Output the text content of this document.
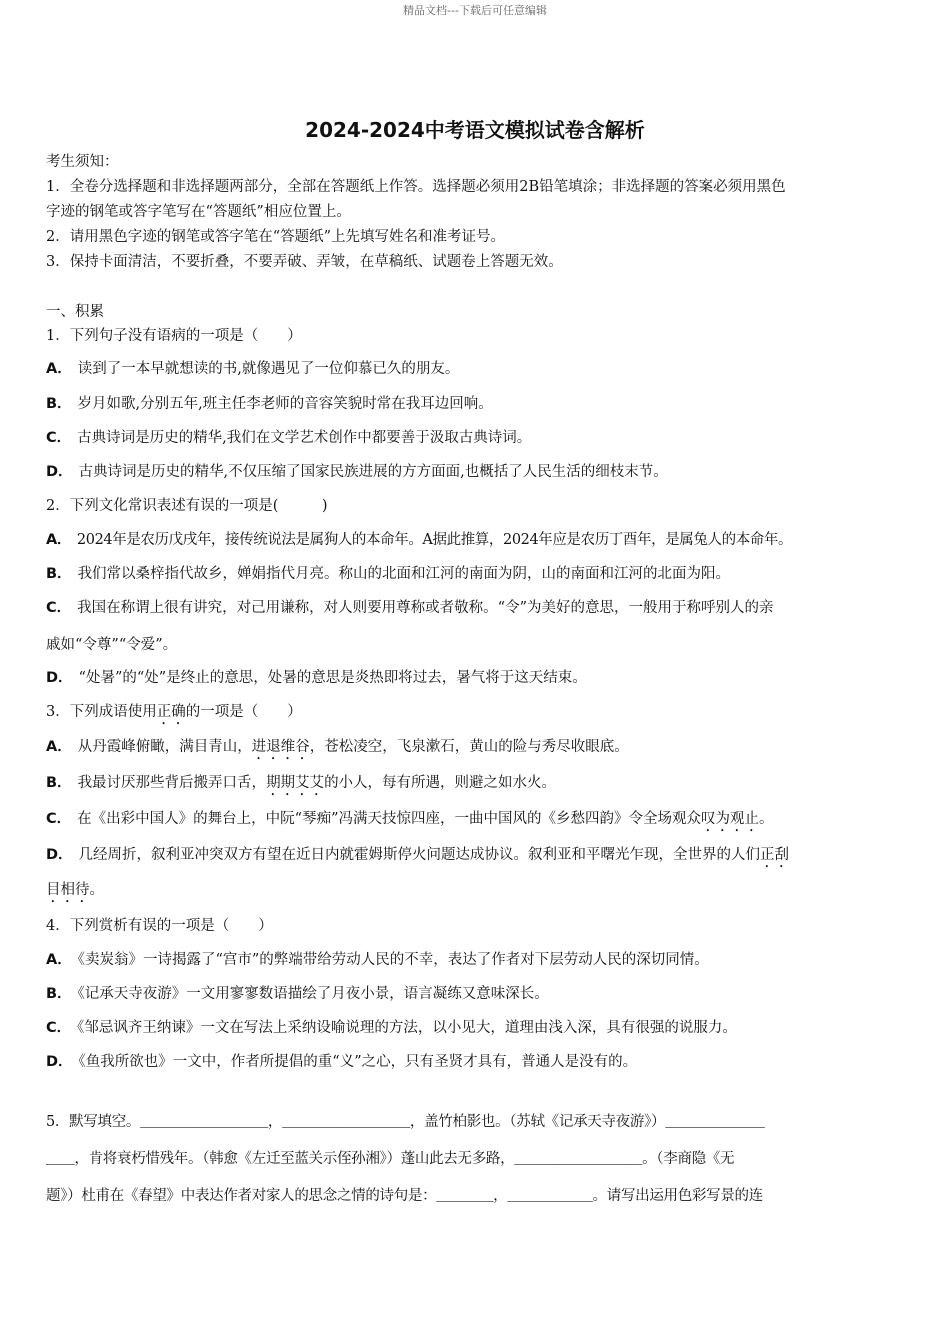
精品文档---下载后可任意编辑
2024-2024中考语文模拟试卷含解析
考生须知：
1．全卷分选择题和非选择题两部分，全部在答题纸上作答。选择题必须用2B铅笔填涂；非选择题的答案必须用黑色
字迹的钢笔或答字笔写在“答题纸”相应位置上。
2．请用黑色字迹的钢笔或答字笔在“答题纸”上先填写姓名和准考证号。
3．保持卡面清洁，不要折叠，不要弄破、弄皱，在草稿纸、试题卷上答题无效。
一、积累
1．下列句子没有语病的一项是（　　）
A． 读到了一本早就想读的书,就像遇见了一位仰慕已久的朋友。
B． 岁月如歌,分别五年,班主任李老师的音容笑貌时常在我耳边回响。
C． 古典诗词是历史的精华,我们在文学艺术创作中都要善于汲取古典诗词。
D． 古典诗词是历史的精华,不仅压缩了国家民族进展的方方面面,也概括了人民生活的细枝末节。
2．下列文化常识表述有误的一项是(　　　)
A． 2024年是农历戊戌年，接传统说法是属狗人的本命年。A据此推算，2024年应是农历丁酉年，是属兔人的本命年。
B． 我们常以桑梓指代故乡，婵娟指代月亮。称山的北面和江河的南面为阴，山的南面和江河的北面为阳。
C． 我国在称谓上很有讲究，对己用谦称，对人则要用尊称或者敬称。“令”为美好的意思，一般用于称呼别人的亲
戚如“令尊”“令爱”。
D． “处暑”的“处”是终止的意思，处暑的意思是炎热即将过去，暑气将于这天结束。
3．下列成语使用正确的一项是（　　）
A． 从丹霞峰俯瞰，满目青山，进退维谷，苍松凌空，飞泉漱石，黄山的险与秀尽收眼底。
B． 我最讨厌那些背后搬弄口舌，期期艾艾的小人，每有所遇，则避之如水火。
C． 在《出彩中国人》的舞台上，中阮“琴痴”冯满天技惊四座，一曲中国风的《乡愁四韵》令全场观众叹为观止。
D． 几经周折，叙利亚冲突双方有望在近日内就霍姆斯停火问题达成协议。叙利亚和平曙光乍现，全世界的人们正刮
目相待。
4．下列赏析有误的一项是（　　）
A． 《卖炭翁》一诗揭露了“宫市”的弊端带给劳动人民的不幸，表达了作者对下层劳动人民的深切同情。
B． 《记承天寺夜游》一文用寥寥数语描绘了月夜小景，语言凝练又意味深长。
C． 《邹忌讽齐王纳谏》一文在写法上采纳设喻说理的方法，以小见大，道理由浅入深，具有很强的说服力。
D． 《鱼我所欲也》一文中，作者所提倡的重“义”之心，只有圣贤才具有，普通人是没有的。
5．默写填空。＿＿＿＿＿＿＿＿＿，＿＿＿＿＿＿＿＿＿，盖竹柏影也。（苏轼《记承天寺夜游》）＿＿＿＿＿＿＿
＿＿，肯将衰朽惜残年。（韩愈《左迁至蓝关示侄孙湘》）蓬山此去无多路，＿＿＿＿＿＿＿＿＿。（李商隐《无
题》）杜甫在《春望》中表达作者对家人的思念之情的诗句是：＿＿＿＿，＿＿＿＿＿＿。请写出运用色彩写景的连
